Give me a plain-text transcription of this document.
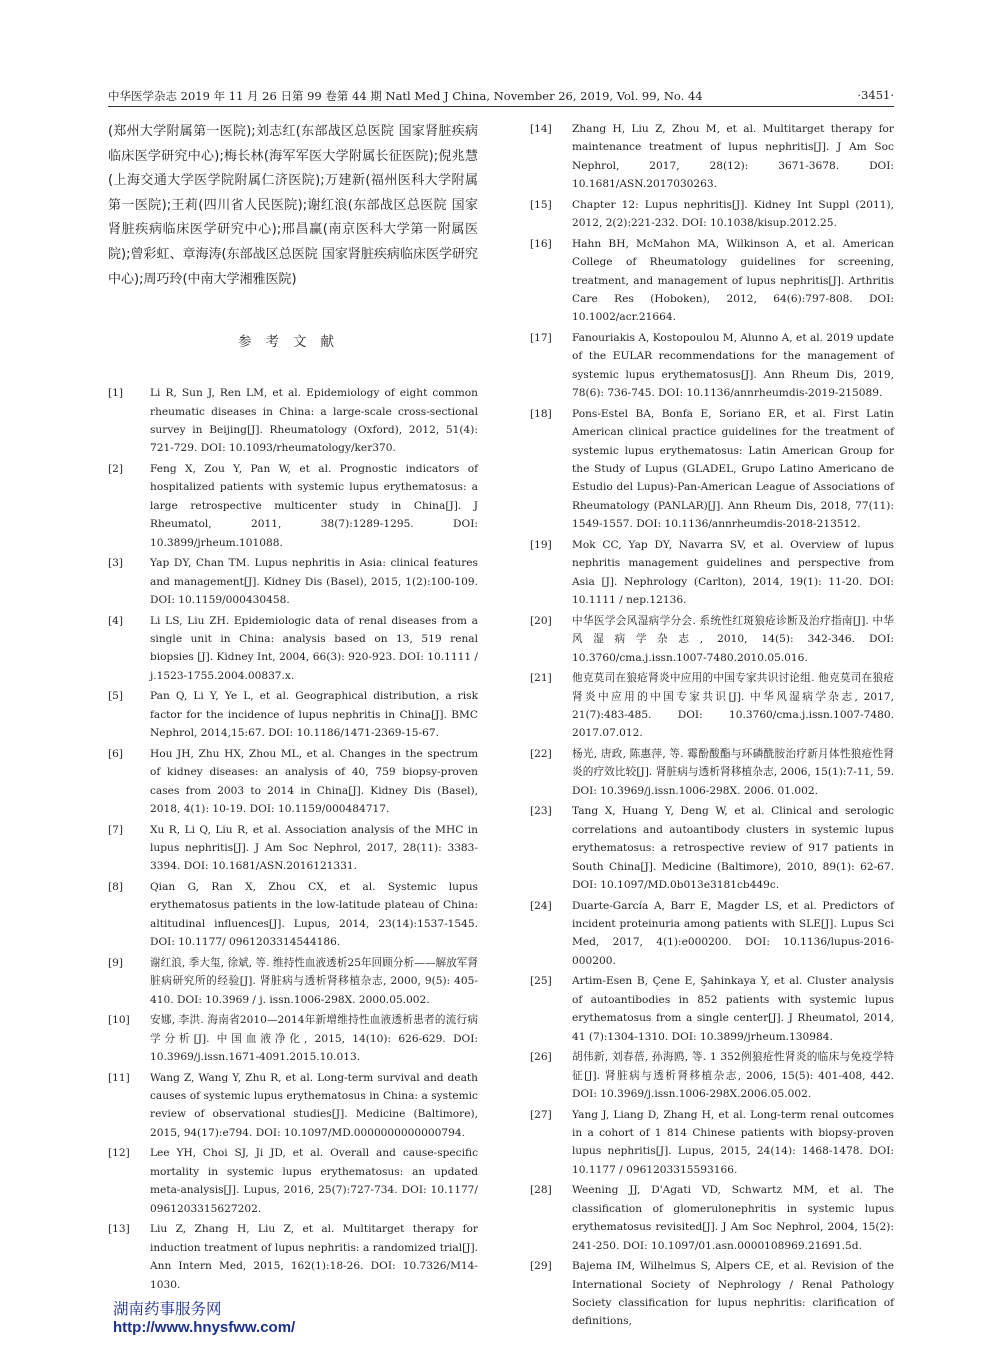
中华医学杂志 2019 年 11 月 26 日第 99 卷第 44 期 Natl Med J China, November 26, 2019, Vol. 99, No. 44	·3451·

(郑州大学附属第一医院);刘志红(东部战区总医院 国家肾脏疾病临床医学研究中心);梅长林(海军军医大学附属长征医院);倪兆慧(上海交通大学医学院附属仁济医院);万建新(福州医科大学附属第一医院);王莉(四川省人民医院);谢红浪(东部战区总医院 国家肾脏疾病临床医学研究中心);邢昌赢(南京医科大学第一附属医院);曾彩虹、章海涛(东部战区总医院 国家肾脏疾病临床医学研究中心);周巧玲(中南大学湘雅医院)

参考文献
[1]	Li R, Sun J, Ren LM, et al. Epidemiology of eight common rheumatic diseases in China: a large-scale cross-sectional survey in Beijing[J]. Rheumatology (Oxford), 2012, 51(4): 721-729. DOI: 10.1093/rheumatology/ker370.
[2]	Feng X, Zou Y, Pan W, et al. Prognostic indicators of hospitalized patients with systemic lupus erythematosus: a large retrospective multicenter study in China[J]. J Rheumatol, 2011, 38(7):1289-1295. DOI: 10.3899/jrheum.101088.
[3]	Yap DY, Chan TM. Lupus nephritis in Asia: clinical features and management[J]. Kidney Dis (Basel), 2015, 1(2):100-109. DOI: 10.1159/000430458.
[4]	Li LS, Liu ZH. Epidemiologic data of renal diseases from a single unit in China: analysis based on 13, 519 renal biopsies [J]. Kidney Int, 2004, 66(3): 920-923. DOI: 10.1111 / j.1523-1755.2004.00837.x.
[5]	Pan Q, Li Y, Ye L, et al. Geographical distribution, a risk factor for the incidence of lupus nephritis in China[J]. BMC Nephrol, 2014,15:67. DOI: 10.1186/1471-2369-15-67.
[6]	Hou JH, Zhu HX, Zhou ML, et al. Changes in the spectrum of kidney diseases: an analysis of 40, 759 biopsy-proven cases from 2003 to 2014 in China[J]. Kidney Dis (Basel), 2018, 4(1): 10-19. DOI: 10.1159/000484717.
[7]	Xu R, Li Q, Liu R, et al. Association analysis of the MHC in lupus nephritis[J]. J Am Soc Nephrol, 2017, 28(11): 3383-3394. DOI: 10.1681/ASN.2016121331.
[8]	Qian G, Ran X, Zhou CX, et al. Systemic lupus erythematosus patients in the low-latitude plateau of China: altitudinal influences[J]. Lupus, 2014, 23(14):1537-1545. DOI: 10.1177/ 0961203314544186.
[9]	谢红浪, 季大玺, 徐斌, 等. 维持性血液透析25年回顾分析——解放军肾脏病研究所的经验[J]. 肾脏病与透析肾移植杂志, 2000, 9(5): 405-410. DOI: 10.3969 / j. issn.1006-298X. 2000.05.002.
[10] 安娜, 李洪. 海南省2010—2014年新增维持性血液透析患者的流行病学分析[J]. 中国血液净化, 2015, 14(10): 626-629. DOI: 10.3969/j.issn.1671-4091.2015.10.013.
[11] Wang Z, Wang Y, Zhu R, et al. Long-term survival and death causes of systemic lupus erythematosus in China: a systemic review of observational studies[J]. Medicine (Baltimore), 2015, 94(17):e794. DOI: 10.1097/MD.0000000000000794.
[12] Lee YH, Choi SJ, Ji JD, et al. Overall and cause-specific mortality in systemic lupus erythematosus: an updated meta-analysis[J]. Lupus, 2016, 25(7):727-734. DOI: 10.1177/ 0961203315627202.
[13] Liu Z, Zhang H, Liu Z, et al. Multitarget therapy for induction treatment of lupus nephritis: a randomized trial[J]. Ann Intern Med, 2015, 162(1):18-26. DOI: 10.7326/M14-1030.
[14] Zhang H, Liu Z, Zhou M, et al. Multitarget therapy for maintenance treatment of lupus nephritis[J]. J Am Soc Nephrol, 2017, 28(12): 3671-3678. DOI: 10.1681/ASN.2017030263.
[15] Chapter 12: Lupus nephritis[J]. Kidney Int Suppl (2011), 2012, 2(2):221-232. DOI: 10.1038/kisup.2012.25.
[16] Hahn BH, McMahon MA, Wilkinson A, et al. American College of Rheumatology guidelines for screening, treatment, and management of lupus nephritis[J]. Arthritis Care Res (Hoboken), 2012, 64(6):797-808. DOI: 10.1002/acr.21664.
[17] Fanouriakis A, Kostopoulou M, Alunno A, et al. 2019 update of the EULAR recommendations for the management of systemic lupus erythematosus[J]. Ann Rheum Dis, 2019, 78(6): 736-745. DOI: 10.1136/annrheumdis-2019-215089.
[18] Pons-Estel BA, Bonfa E, Soriano ER, et al. First Latin American clinical practice guidelines for the treatment of systemic lupus erythematosus: Latin American Group for the Study of Lupus (GLADEL, Grupo Latino Americano de Estudio del Lupus)-Pan-American League of Associations of Rheumatology (PANLAR)[J]. Ann Rheum Dis, 2018, 77(11): 1549-1557. DOI: 10.1136/annrheumdis-2018-213512.
[19] Mok CC, Yap DY, Navarra SV, et al. Overview of lupus nephritis management guidelines and perspective from Asia [J]. Nephrology (Carlton), 2014, 19(1): 11-20. DOI: 10.1111 / nep.12136.
[20] 中华医学会风湿病学分会. 系统性红斑狼疮诊断及治疗指南[J]. 中华风湿病学杂志, 2010, 14(5): 342-346. DOI: 10.3760/cma.j.issn.1007-7480.2010.05.016.
[21] 他克莫司在狼疮肾炎中应用的中国专家共识讨论组. 他克莫司在狼疮肾炎中应用的中国专家共识[J]. 中华风湿病学杂志, 2017, 21(7):483-485. DOI: 10.3760/cma.j.issn.1007-7480. 2017.07.012.
[22] 杨光, 唐政, 陈惠萍, 等. 霉酚酸酯与环磷酰胺治疗新月体性狼疮性肾炎的疗效比较[J]. 肾脏病与透析肾移植杂志, 2006, 15(1):7-11, 59. DOI: 10.3969/j.issn.1006-298X. 2006. 01.002.
[23] Tang X, Huang Y, Deng W, et al. Clinical and serologic correlations and autoantibody clusters in systemic lupus erythematosus: a retrospective review of 917 patients in South China[J]. Medicine (Baltimore), 2010, 89(1): 62-67. DOI: 10.1097/MD.0b013e3181cb449c.
[24] Duarte-García A, Barr E, Magder LS, et al. Predictors of incident proteinuria among patients with SLE[J]. Lupus Sci Med, 2017, 4(1):e000200. DOI: 10.1136/lupus-2016-000200.
[25] Artim-Esen B, Çene E, Şahinkaya Y, et al. Cluster analysis of autoantibodies in 852 patients with systemic lupus erythematosus from a single center[J]. J Rheumatol, 2014, 41 (7):1304-1310. DOI: 10.3899/jrheum.130984.
[26] 胡伟新, 刘春蓓, 孙海鸥, 等. 1 352例狼疮性肾炎的临床与免疫学特征[J]. 肾脏病与透析肾移植杂志, 2006, 15(5): 401-408, 442. DOI: 10.3969/j.issn.1006-298X.2006.05.002.
[27] Yang J, Liang D, Zhang H, et al. Long-term renal outcomes in a cohort of 1 814 Chinese patients with biopsy-proven lupus nephritis[J]. Lupus, 2015, 24(14): 1468-1478. DOI: 10.1177 / 0961203315593166.
[28] Weening JJ, D'Agati VD, Schwartz MM, et al. The classification of glomerulonephritis in systemic lupus erythematosus revisited[J]. J Am Soc Nephrol, 2004, 15(2): 241-250. DOI: 10.1097/01.asn.0000108969.21691.5d.
[29] Bajema IM, Wilhelmus S, Alpers CE, et al. Revision of the International Society of Nephrology / Renal Pathology Society classification for lupus nephritis: clarification of definitions,
湖南药事服务网
http://www.hnysfww.com/
